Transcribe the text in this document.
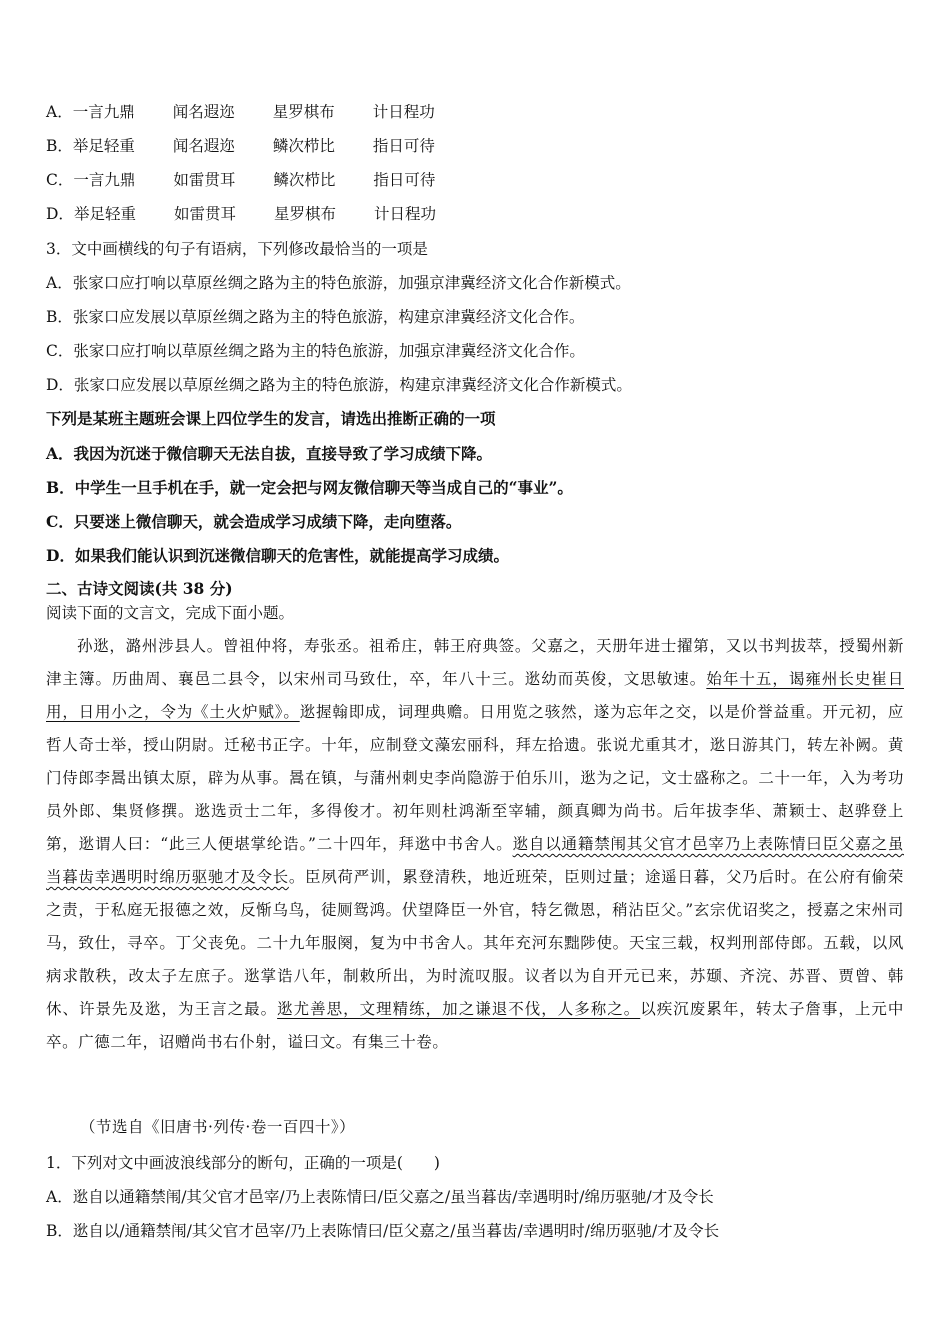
A．一言九鼎 闻名遐迩 星罗棋布 计日程功
B．举足轻重 闻名遐迩 鳞次栉比 指日可待
C．一言九鼎 如雷贯耳 鳞次栉比 指日可待
D．举足轻重 如雷贯耳 星罗棋布 计日程功
3．文中画横线的句子有语病，下列修改最恰当的一项是
A．张家口应打响以草原丝绸之路为主的特色旅游，加强京津冀经济文化合作新模式。
B．张家口应发展以草原丝绸之路为主的特色旅游，构建京津冀经济文化合作。
C．张家口应打响以草原丝绸之路为主的特色旅游，加强京津冀经济文化合作。
D．张家口应发展以草原丝绸之路为主的特色旅游，构建京津冀经济文化合作新模式。
下列是某班主题班会课上四位学生的发言，请选出推断正确的一项
A．我因为沉迷于微信聊天无法自拔，直接导致了学习成绩下降。
B．中学生一旦手机在手，就一定会把与网友微信聊天等当成自己的“事业”。
C．只要迷上微信聊天，就会造成学习成绩下降，走向堕落。
D．如果我们能认识到沉迷微信聊天的危害性，就能提高学习成绩。
二、古诗文阅读(共 38 分)
阅读下面的文言文，完成下面小题。
孙逖，潞州涉县人。曾祖仲将，寿张丞。祖希庄，韩王府典签。父嘉之，天册年进士擢第，又以书判拔萃，授蜀州新津主簿。历曲周、襄邑二县令，以宋州司马致仕，卒，年八十三。逖幼而英俊，文思敏速。始年十五，谒雍州长史崔日用，日用小之，令为《土火炉赋》。逖握翰即成，词理典赡。日用览之骇然，遂为忘年之交，以是价誉益重。开元初，应哲人奇士举，授山阴尉。迁秘书正字。十年，应制登文藻宏丽科，拜左拾遗。张说尤重其才，逖日游其门，转左补阙。黄门侍郎李暠出镇太原，辟为从事。暠在镇，与蒲州刺史李尚隐游于伯乐川，逖为之记，文士盛称之。二十一年，入为考功员外郎、集贤修撰。逖选贡士二年，多得俊才。初年则杜鸿渐至宰辅，颜真卿为尚书。后年拔李华、萧颖士、赵骅登上第，逖谓人曰：“此三人便堪掌纶诰。”二十四年，拜逖中书舍人。逖自以通籍禁闱其父官才邑宰乃上表陈情曰臣父嘉之虽当暮齿幸遇明时绵历驱驰才及令长。臣夙荷严训，累登清秩，地近班荣，臣则过量；途遥日暮，父乃后时。在公府有偷荣之责，于私庭无报德之效，反惭乌鸟，徒厕鸳鸿。伏望降臣一外官，特乞微恩，稍沾臣父。”玄宗优诏奖之，授嘉之宋州司马，致仕，寻卒。丁父丧免。二十九年服阕，复为中书舍人。其年充河东黜陟使。天宝三载，权判刑部侍郎。五载，以风病求散秩，改太子左庶子。逖掌诰八年，制敕所出，为时流叹服。议者以为自开元已来，苏颋、齐浣、苏晋、贾曾、韩休、许景先及逖，为王言之最。逖尤善思，文理精练，加之谦退不伐，人多称之。以疾沉废累年，转太子詹事，上元中卒。广德二年，诏赠尚书右仆射，谥曰文。有集三十卷。
（节选自《旧唐书·列传·卷一百四十》）
1．下列对文中画波浪线部分的断句，正确的一项是(　　)
A．逖自以通籍禁闱/其父官才邑宰/乃上表陈情曰/臣父嘉之/虽当暮齿/幸遇明时/绵历驱驰/才及令长
B．逖自以/通籍禁闱/其父官才邑宰/乃上表陈情曰/臣父嘉之/虽当暮齿/幸遇明时/绵历驱驰/才及令长
